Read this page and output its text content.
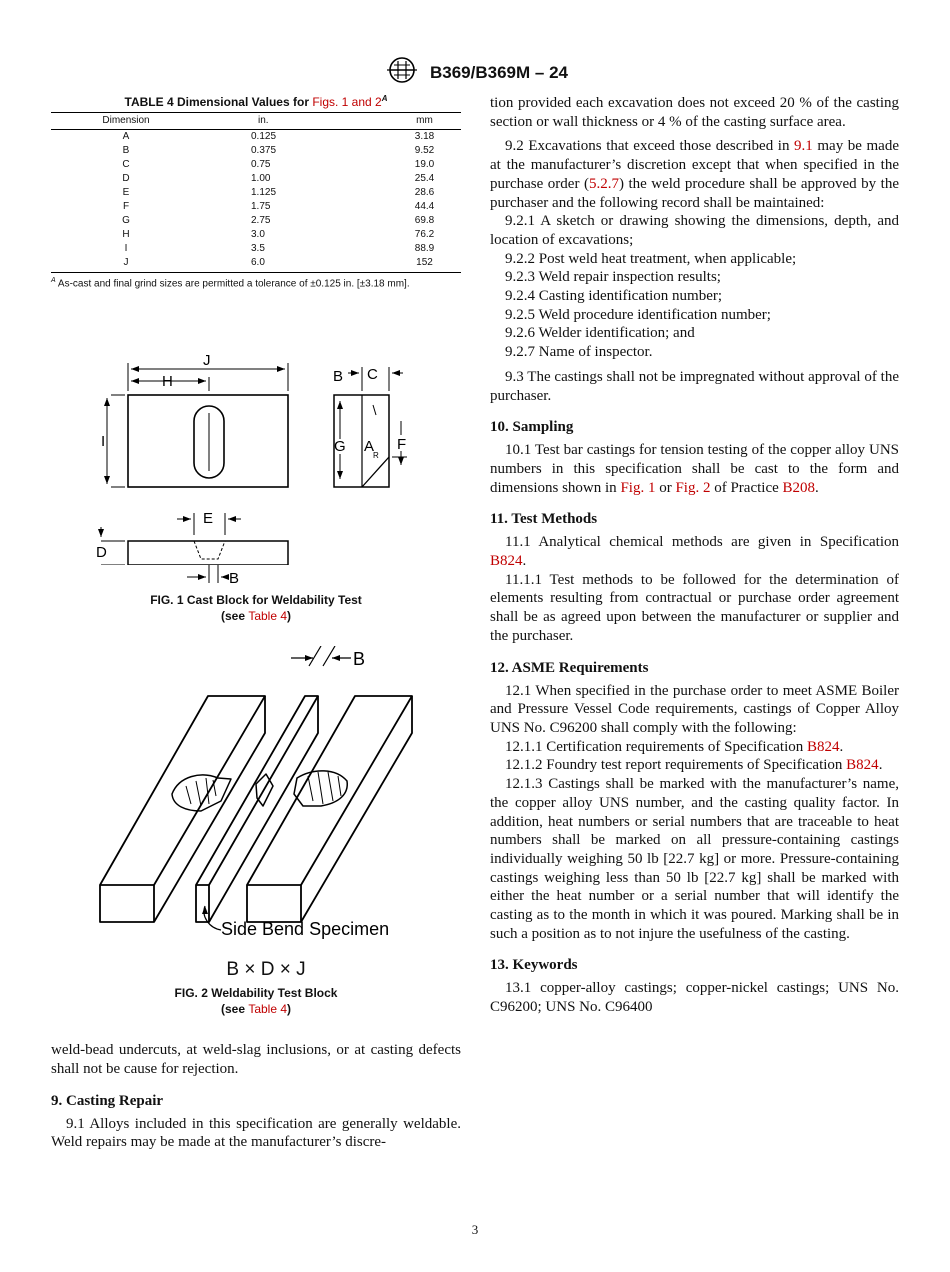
B369/B369M – 24
TABLE 4 Dimensional Values for Figs. 1 and $2^A$
Dimension	in.	mm
A	0.125	3.18
B	0.375	9.52
C	0.75	19.0
D	1.00	25.4
E	1.125	28.6
F	1.75	44.4
G	2.75	69.8
H	3.0	76.2
I	3.5	88.9
J	6.0	152
$^A$ As-cast and final grind sizes are permitted a tolerance of ±0.125 in. [±3.18 mm].
J
H
I
B C
G A F
E
D
R
B
FIG. 1 Cast Block for Weldability Test
(see Table 4)
B
Side Bend Specimen
B × D × J
FIG. 2 Weldability Test Block
(see Table 4)

weld-bead undercuts, at weld-slag inclusions, or at casting defects shall not be cause for rejection.

9. Casting Repair

9.1 Alloys included in this specification are generally weldable. Weld repairs may be made at the manufacturer’s discre-

tion provided each excavation does not exceed 20 % of the casting section or wall thickness or 4 % of the casting surface area.

9.2 Excavations that exceed those described in 9.1 may be made at the manufacturer’s discretion except that when specified in the purchase order (5.2.7) the weld procedure shall be approved by the purchaser and the following record shall be maintained:

9.2.1 A sketch or drawing showing the dimensions, depth, and location of excavations;

9.2.2 Post weld heat treatment, when applicable;

9.2.3 Weld repair inspection results;

9.2.4 Casting identification number;

9.2.5 Weld procedure identification number;

9.2.6 Welder identification; and

9.2.7 Name of inspector.

9.3 The castings shall not be impregnated without approval of the purchaser.

10. Sampling

10.1 Test bar castings for tension testing of the copper alloy UNS numbers in this specification shall be cast to the form and dimensions shown in Fig. 1 or Fig. 2 of Practice B208.

11. Test Methods

11.1 Analytical chemical methods are given in Specification B824.

11.1.1 Test methods to be followed for the determination of elements resulting from contractual or purchase order agreement shall be as agreed upon between the manufacturer or supplier and the purchaser.

12. ASME Requirements

12.1 When specified in the purchase order to meet ASME Boiler and Pressure Vessel Code requirements, castings of Copper Alloy UNS No. C96200 shall comply with the following:

12.1.1 Certification requirements of Specification B824.

12.1.2 Foundry test report requirements of Specification B824.

12.1.3 Castings shall be marked with the manufacturer’s name, the copper alloy UNS number, and the casting quality factor. In addition, heat numbers or serial numbers that are traceable to heat numbers shall be marked on all pressure-containing castings individually weighing 50 lb [22.7 kg] or more. Pressure-containing castings weighing less than 50 lb [22.7 kg] shall be marked with either the heat number or a serial number that will identify the casting as to the month in which it was poured. Marking shall be in such a position as to not injure the usefulness of the casting.

13. Keywords

13.1 copper-alloy castings; copper-nickel castings; UNS No. C96200; UNS No. C96400

3
